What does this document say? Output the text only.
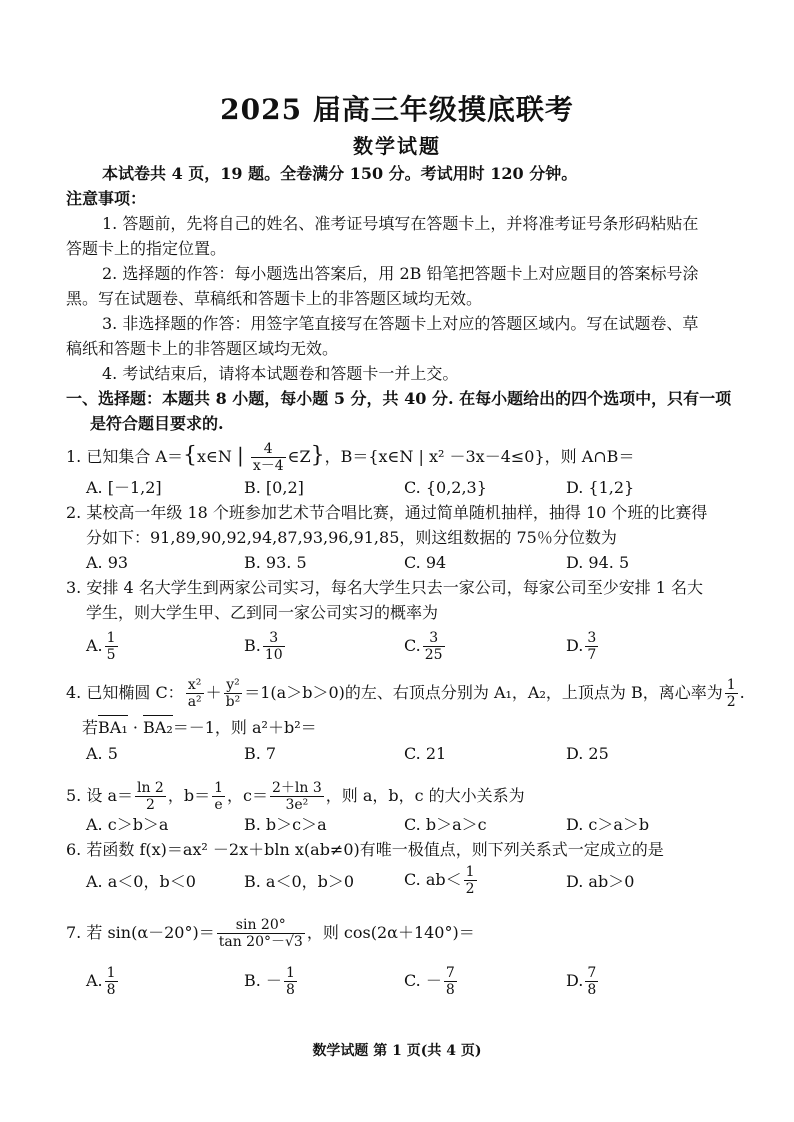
2025 届高三年级摸底联考
数学试题
本试卷共 4 页，19 题。全卷满分 150 分。考试用时 120 分钟。
注意事项：
1. 答题前，先将自己的姓名、准考证号填写在答题卡上，并将准考证号条形码粘贴在
答题卡上的指定位置。
2. 选择题的作答：每小题选出答案后，用 2B 铅笔把答题卡上对应题目的答案标号涂
黑。写在试题卷、草稿纸和答题卡上的非答题区域均无效。
3. 非选择题的作答：用签字笔直接写在答题卡上对应的答题区域内。写在试题卷、草
稿纸和答题卡上的非答题区域均无效。
4. 考试结束后，请将本试题卷和答题卡一并上交。
一、选择题：本题共 8 小题，每小题 5 分，共 40 分. 在每小题给出的四个选项中，只有一项
是符合题目要求的.
1. 已知集合 A＝{x∈N | $\frac{4}{x-4}$ ∈Z}，B＝{x∈N | x² －3x－4≤0}，则 A∩B＝
A. [－1,2]	B. [0,2]	C. {0,2,3}	D. {1,2}
2. 某校高一年级 18 个班参加艺术节合唱比赛，通过简单随机抽样，抽得 10 个班的比赛得
分如下：91,89,90,92,94,87,93,96,91,85，则这组数据的 75％分位数为
A. 93	B. 93. 5	C. 94	D. 94. 5
3. 安排 4 名大学生到两家公司实习，每名大学生只去一家公司，每家公司至少安排 1 名大
学生，则大学生甲、乙到同一家公司实习的概率为
A. $\frac{1}{5}$	B. $\frac{3}{10}$	C. $\frac{3}{25}$	D. $\frac{3}{7}$
4. 已知椭圆 C： $\frac{\text{x²}}{\text{a²}} + \frac{\text{y²}}{\text{b²}} =1(a>b>0)$的左、右顶点分别为 A₁，A₂，上顶点为 B，离心率为 $\frac{1}{2}$ .
若BA₁ · BA₂＝－1，则 a²＋b²＝
A. 5	B. 7	C. 21	D. 25
5. 设 $a= \frac{\ln 2}{2}$ ，$b= \frac{1}{e}$ ，$c= \frac{2+\ln 3}{\text{3e²}}$ ，则 a，b，c 的大小关系为
A. c＞b＞a	B. b＞c＞a	C. b＞a＞c	D. c＞a＞b
6. 若函数 f(x)＝ax² －2x＋bln x(ab≠0)有唯一极值点，则下列关系式一定成立的是
A. a＜0，b＜0	B. a＜0，b＞0	C. $ab< \frac{1}{2}$	D. ab＞0
7. 若 $\sin(\alpha-20^\circ)= \frac{\sin 20^\circ}{\tan 20^\circ-√3}$ ，则 cos(2α＋140°)＝
A. $\frac{1}{8}$	B. － $\frac{1}{8}$	C. － $\frac{7}{8}$	D. $\frac{7}{8}$
数学试题 第 1 页(共 4 页)
